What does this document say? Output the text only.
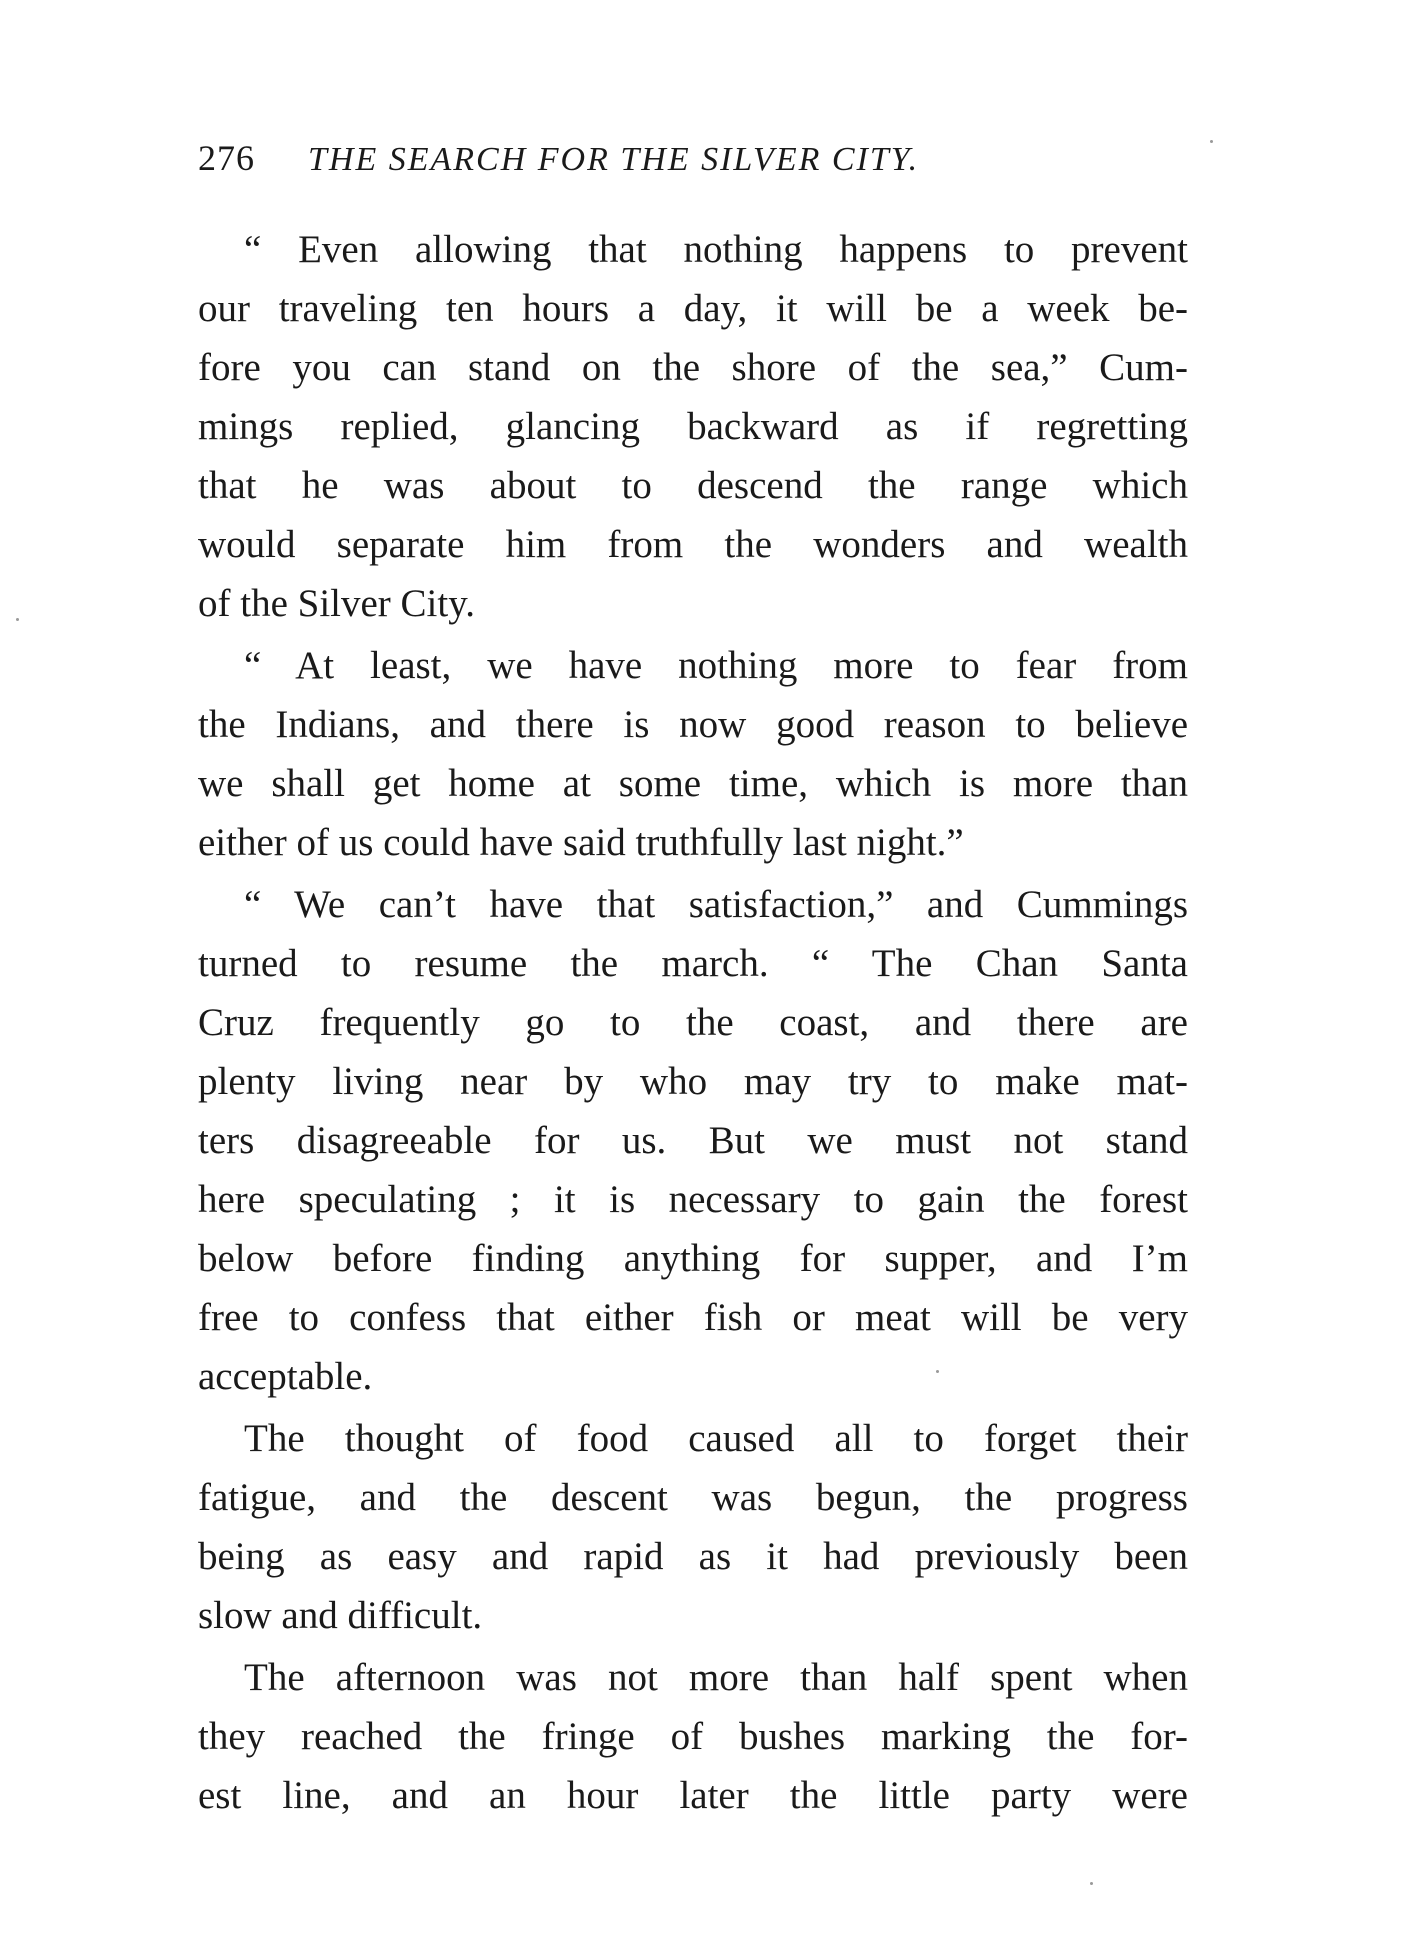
276 THE SEARCH FOR THE SILVER CITY.
“ Even allowing that nothing happens to prevent
our traveling ten hours a day, it will be a week be-
fore you can stand on the shore of the sea,” Cum-
mings replied, glancing backward as if regretting
that he was about to descend the range which
would separate him from the wonders and wealth
of the Silver City.
“ At least, we have nothing more to fear from
the Indians, and there is now good reason to believe
we shall get home at some time, which is more than
either of us could have said truthfully last night.”
“ We can’t have that satisfaction,” and Cummings
turned to resume the march. “ The Chan Santa
Cruz frequently go to the coast, and there are
plenty living near by who may try to make mat-
ters disagreeable for us. But we must not stand
here speculating ; it is necessary to gain the forest
below before finding anything for supper, and I’m
free to confess that either fish or meat will be very
acceptable.
The thought of food caused all to forget their
fatigue, and the descent was begun, the progress
being as easy and rapid as it had previously been
slow and difficult.
The afternoon was not more than half spent when
they reached the fringe of bushes marking the for-
est line, and an hour later the little party were
